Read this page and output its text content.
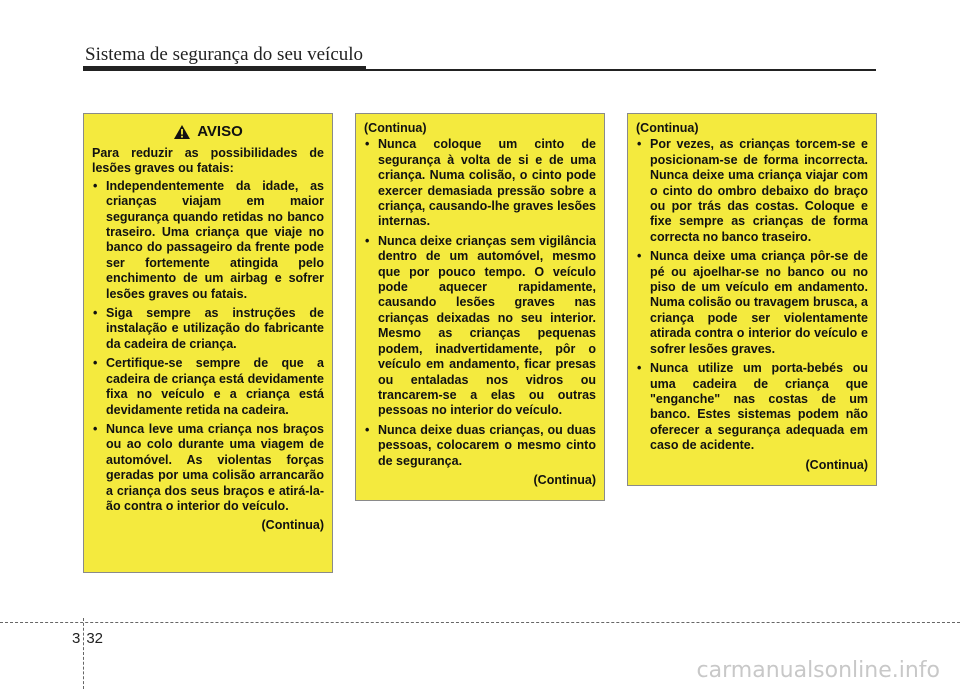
Sistema de segurança do seu veículo
AVISO
Para reduzir as possibilidades de lesões graves ou fatais:
• Independentemente da idade, as crianças viajam em maior segurança quando retidas no banco traseiro. Uma criança que viaje no banco do passageiro da frente pode ser fortemente atingida pelo enchimento de um airbag e sofrer lesões graves ou fatais.
• Siga sempre as instruções de instalação e utilização do fabricante da cadeira de criança.
• Certifique-se sempre de que a cadeira de criança está devidamente fixa no veículo e a criança está devidamente retida na cadeira.
• Nunca leve uma criança nos braços ou ao colo durante uma viagem de automóvel. As violentas forças geradas por uma colisão arrancarão a criança dos seus braços e atirá-la-ão contra o interior do veículo.
(Continua)
(Continua)
• Nunca coloque um cinto de segurança à volta de si e de uma criança. Numa colisão, o cinto pode exercer demasiada pressão sobre a criança, causando-lhe graves lesões internas.
• Nunca deixe crianças sem vigilância dentro de um automóvel, mesmo que por pouco tempo. O veículo pode aquecer rapidamente, causando lesões graves nas crianças deixadas no seu interior. Mesmo as crianças pequenas podem, inadvertidamente, pôr o veículo em andamento, ficar presas ou entaladas nos vidros ou trancarem-se a elas ou outras pessoas no interior do veículo.
• Nunca deixe duas crianças, ou duas pessoas, colocarem o mesmo cinto de segurança.
(Continua)
(Continua)
• Por vezes, as crianças torcem-se e posicionam-se de forma incorrecta. Nunca deixe uma criança viajar com o cinto do ombro debaixo do braço ou por trás das costas. Coloque e fixe sempre as crianças de forma correcta no banco traseiro.
• Nunca deixe uma criança pôr-se de pé ou ajoelhar-se no banco ou no piso de um veículo em andamento. Numa colisão ou travagem brusca, a criança pode ser violentamente atirada contra o interior do veículo e sofrer lesões graves.
• Nunca utilize um porta-bebés ou uma cadeira de criança que "enganche" nas costas de um banco. Estes sistemas podem não oferecer a segurança adequada em caso de acidente.
(Continua)
3 32
carmanualsonline.info
